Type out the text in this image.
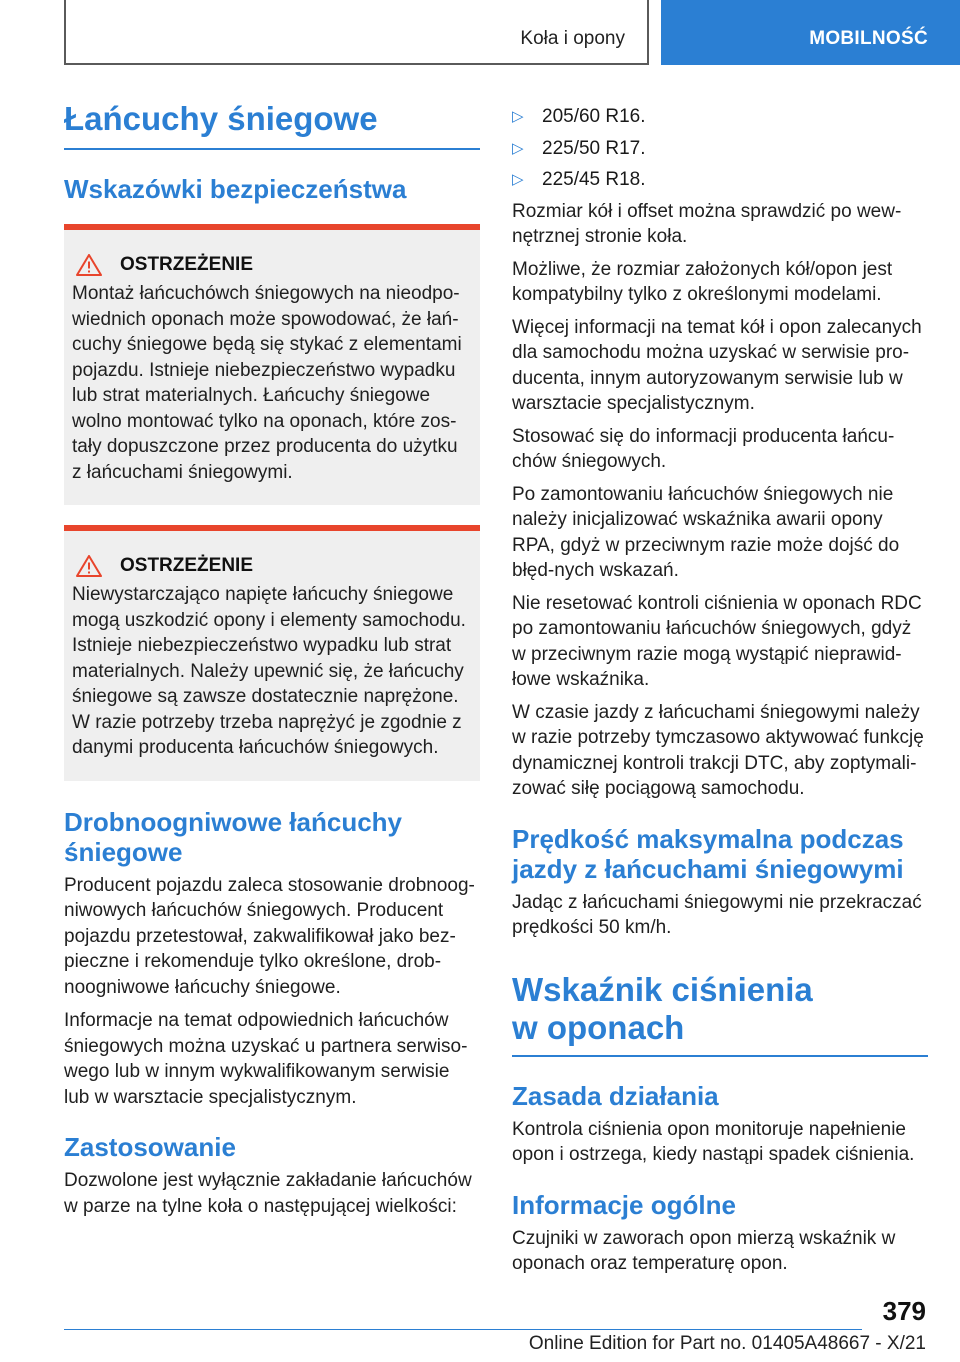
Koła i opony	MOBILNOŚĆ
Łańcuchy śniegowe
Wskazówki bezpieczeństwa
OSTRZEŻENIE
Montaż łańcuchówch śniegowych na nieodpo‐wiednich oponach może spowodować, że łań‐cuchy śniegowe będą się stykać z elementami pojazdu. Istnieje niebezpieczeństwo wypadku lub strat materialnych. Łańcuchy śniegowe wolno montować tylko na oponach, które zos‐tały dopuszczone przez producenta do użytku z łańcuchami śniegowymi.
OSTRZEŻENIE
Niewystarczająco napięte łańcuchy śniegowe mogą uszkodzić opony i elementy samochodu. Istnieje niebezpieczeństwo wypadku lub strat materialnych. Należy upewnić się, że łańcuchy śniegowe są zawsze dostatecznie naprężone. W razie potrzeby trzeba naprężyć je zgodnie z danymi producenta łańcuchów śniegowych.
Drobnoogniwowe łańcuchy śniegowe
Producent pojazdu zaleca stosowanie drobnoog‐niwowych łańcuchów śniegowych. Producent pojazdu przetestował, zakwalifikował jako bez‐pieczne i rekomenduje tylko określone, drob‐noogniwowe łańcuchy śniegowe.
Informacje na temat odpowiednich łańcuchów śniegowych można uzyskać u partnera serwiso‐wego lub w innym wykwalifikowanym serwisie lub w warsztacie specjalistycznym.
Zastosowanie
Dozwolone jest wyłącznie zakładanie łańcuchów w parze na tylne koła o następującej wielkości:
▷ 205/60 R16.
▷ 225/50 R17.
▷ 225/45 R18.
Rozmiar kół i offset można sprawdzić po wew‐nętrznej stronie koła.
Możliwe, że rozmiar założonych kół/opon jest kompatybilny tylko z określonymi modelami.
Więcej informacji na temat kół i opon zalecanych dla samochodu można uzyskać w serwisie pro‐ducenta, innym autoryzowanym serwisie lub w warsztacie specjalistycznym.
Stosować się do informacji producenta łańcu‐chów śniegowych.
Po zamontowaniu łańcuchów śniegowych nie należy inicjalizować wskaźnika awarii opony RPA, gdyż w przeciwnym razie może dojść do błęd‐nych wskazań.
Nie resetować kontroli ciśnienia w oponach RDC po zamontowaniu łańcuchów śniegowych, gdyż w przeciwnym razie mogą wystąpić nieprawid‐łowe wskaźnika.
W czasie jazdy z łańcuchami śniegowymi należy w razie potrzeby tymczasowo aktywować funkcję dynamicznej kontroli trakcji DTC, aby zoptymali‐zować siłę pociągową samochodu.
Prędkość maksymalna podczas jazdy z łańcuchami śniegowymi
Jadąc z łańcuchami śniegowymi nie przekraczać prędkości 50 km/h.
Wskaźnik ciśnienia
w oponach
Zasada działania
Kontrola ciśnienia opon monitoruje napełnienie opon i ostrzega, kiedy nastąpi spadek ciśnienia.
Informacje ogólne
Czujniki w zaworach opon mierzą wskaźnik w oponach oraz temperaturę opon.
379
Online Edition for Part no. 01405A48667 - X/21
